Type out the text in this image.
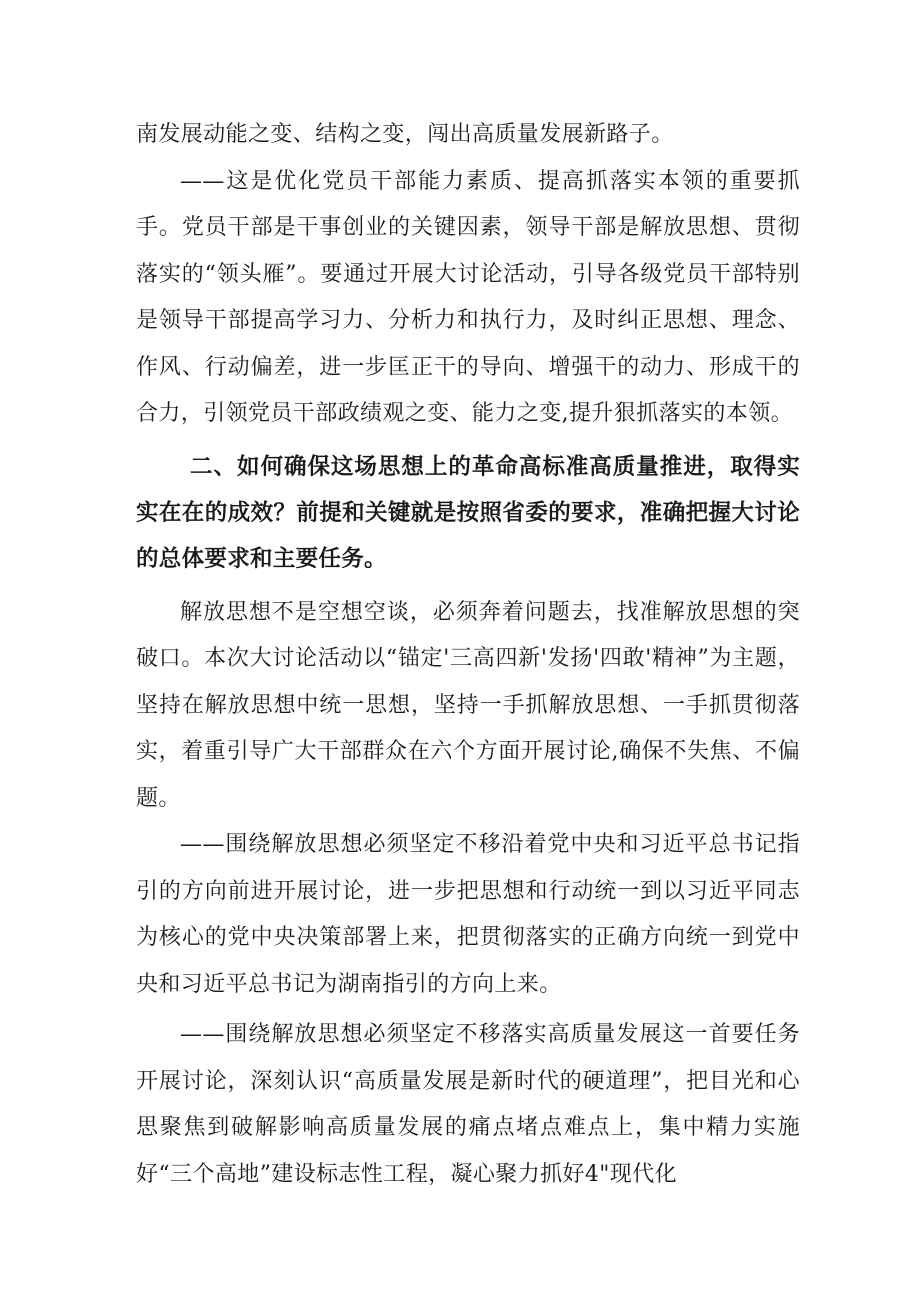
南发展动能之变、结构之变，闯出高质量发展新路子。

——这是优化党员干部能力素质、提高抓落实本领的重要抓手。党员干部是干事创业的关键因素，领导干部是解放思想、贯彻落实的“领头雁”。要通过开展大讨论活动，引导各级党员干部特别是领导干部提高学习力、分析力和执行力，及时纠正思想、理念、作风、行动偏差，进一步匡正干的导向、增强干的动力、形成干的合力，引领党员干部政绩观之变、能力之变,提升狠抓落实的本领。

二、如何确保这场思想上的革命高标准高质量推进，取得实实在在的成效？前提和关键就是按照省委的要求，准确把握大讨论的总体要求和主要任务。

解放思想不是空想空谈，必须奔着问题去，找准解放思想的突破口。本次大讨论活动以“锚定'三高四新'发扬'四敢'精神”为主题，坚持在解放思想中统一思想，坚持一手抓解放思想、一手抓贯彻落实，着重引导广大干部群众在六个方面开展讨论,确保不失焦、不偏题。

——围绕解放思想必须坚定不移沿着党中央和习近平总书记指引的方向前进开展讨论，进一步把思想和行动统一到以习近平同志为核心的党中央决策部署上来，把贯彻落实的正确方向统一到党中央和习近平总书记为湖南指引的方向上来。

——围绕解放思想必须坚定不移落实高质量发展这一首要任务开展讨论，深刻认识“高质量发展是新时代的硬道理”，把目光和心思聚焦到破解影响高质量发展的痛点堵点难点上，集中精力实施好“三个高地”建设标志性工程，凝心聚力抓好4"现代化
